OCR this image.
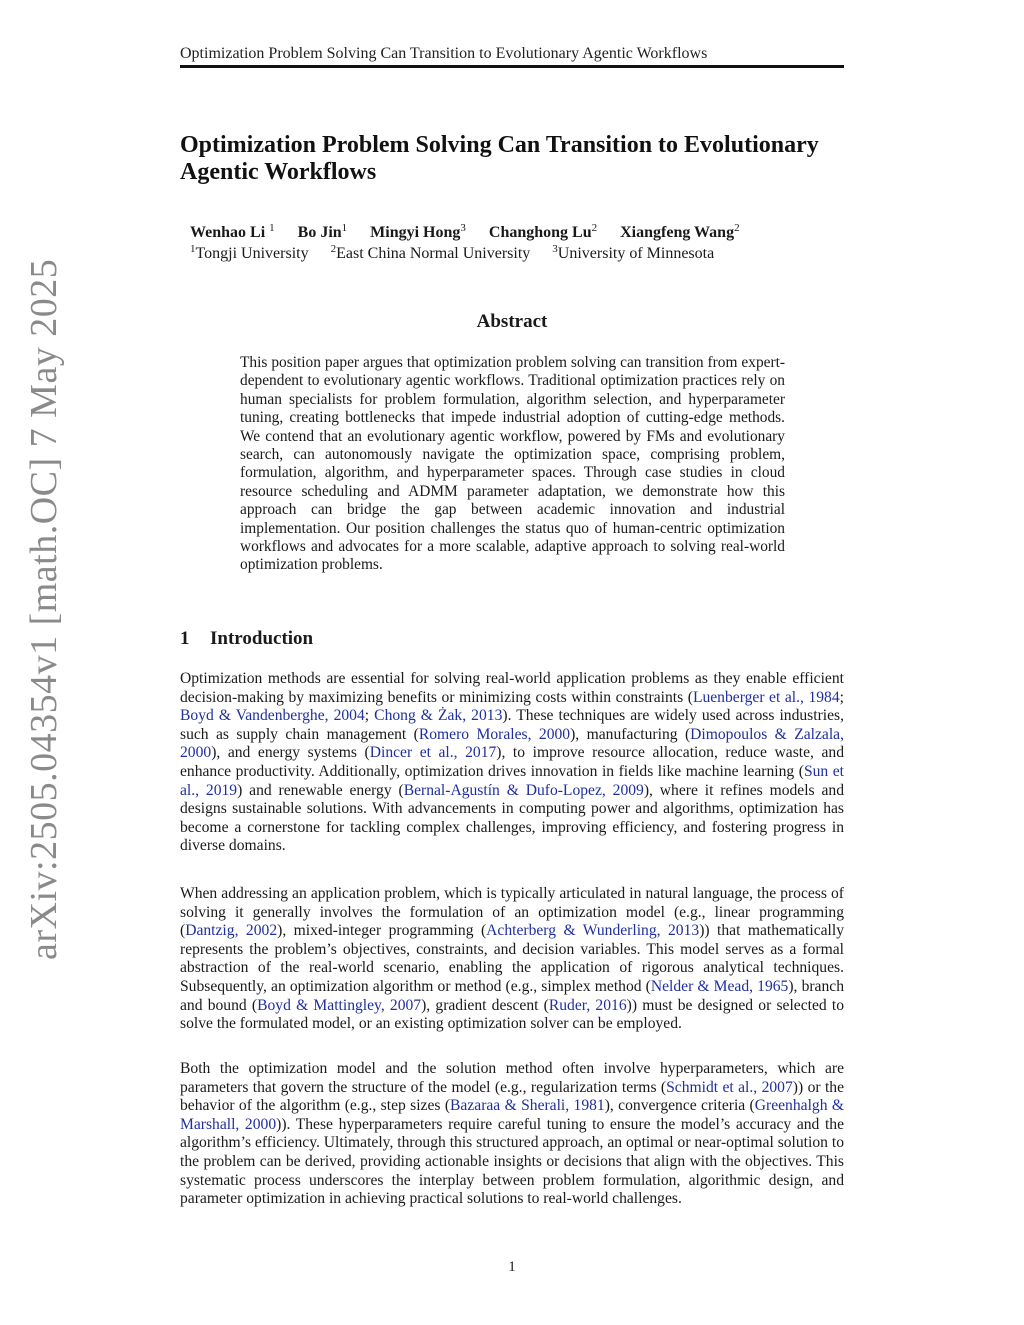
Optimization Problem Solving Can Transition to Evolutionary Agentic Workflows
arXiv:2505.04354v1 [math.OC] 7 May 2025
Optimization Problem Solving Can Transition to Evolutionary Agentic Workflows
Wenhao Li $^1$ Bo Jin$^1$ Mingyi Hong$^3$ Changhong Lu$^2$ Xiangfeng Wang$^2$
$^1$Tongji University $^2$East China Normal University $^3$University of Minnesota
Abstract

This position paper argues that optimization problem solving can transition from expert-dependent to evolutionary agentic workflows. Traditional optimization practices rely on human specialists for problem formulation, algorithm selection, and hyperparameter tuning, creating bottlenecks that impede industrial adoption of cutting-edge methods. We contend that an evolutionary agentic workflow, powered by FMs and evolutionary search, can autonomously navigate the optimization space, comprising problem, formulation, algorithm, and hyperparameter spaces. Through case studies in cloud resource scheduling and ADMM parameter adaptation, we demonstrate how this approach can bridge the gap between academic innovation and industrial implementation. Our position challenges the status quo of human-centric optimization workflows and advocates for a more scalable, adaptive approach to solving real-world optimization problems.

1 Introduction

Optimization methods are essential for solving real-world application problems as they enable efficient decision-making by maximizing benefits or minimizing costs within constraints (Luenberger et al., 1984; Boyd & Vandenberghe, 2004; Chong & Żak, 2013). These techniques are widely used across industries, such as supply chain management (Romero Morales, 2000), manufacturing (Dimopoulos & Zalzala, 2000), and energy systems (Dincer et al., 2017), to improve resource allocation, reduce waste, and enhance productivity. Additionally, optimization drives innovation in fields like machine learning (Sun et al., 2019) and renewable energy (Bernal-Agustín & Dufo-Lopez, 2009), where it refines models and designs sustainable solutions. With advancements in computing power and algorithms, optimization has become a cornerstone for tackling complex challenges, improving efficiency, and fostering progress in diverse domains.

When addressing an application problem, which is typically articulated in natural language, the process of solving it generally involves the formulation of an optimization model (e.g., linear programming (Dantzig, 2002), mixed-integer programming (Achterberg & Wunderling, 2013)) that mathematically represents the problem’s objectives, constraints, and decision variables. This model serves as a formal abstraction of the real-world scenario, enabling the application of rigorous analytical techniques. Subsequently, an optimization algorithm or method (e.g., simplex method (Nelder & Mead, 1965), branch and bound (Boyd & Mattingley, 2007), gradient descent (Ruder, 2016)) must be designed or selected to solve the formulated model, or an existing optimization solver can be employed.

Both the optimization model and the solution method often involve hyperparameters, which are parameters that govern the structure of the model (e.g., regularization terms (Schmidt et al., 2007)) or the behavior of the algorithm (e.g., step sizes (Bazaraa & Sherali, 1981), convergence criteria (Greenhalgh & Marshall, 2000)). These hyperparameters require careful tuning to ensure the model’s accuracy and the algorithm’s efficiency. Ultimately, through this structured approach, an optimal or near-optimal solution to the problem can be derived, providing actionable insights or decisions that align with the objectives. This systematic process underscores the interplay between problem formulation, algorithmic design, and parameter optimization in achieving practical solutions to real-world challenges.

1
